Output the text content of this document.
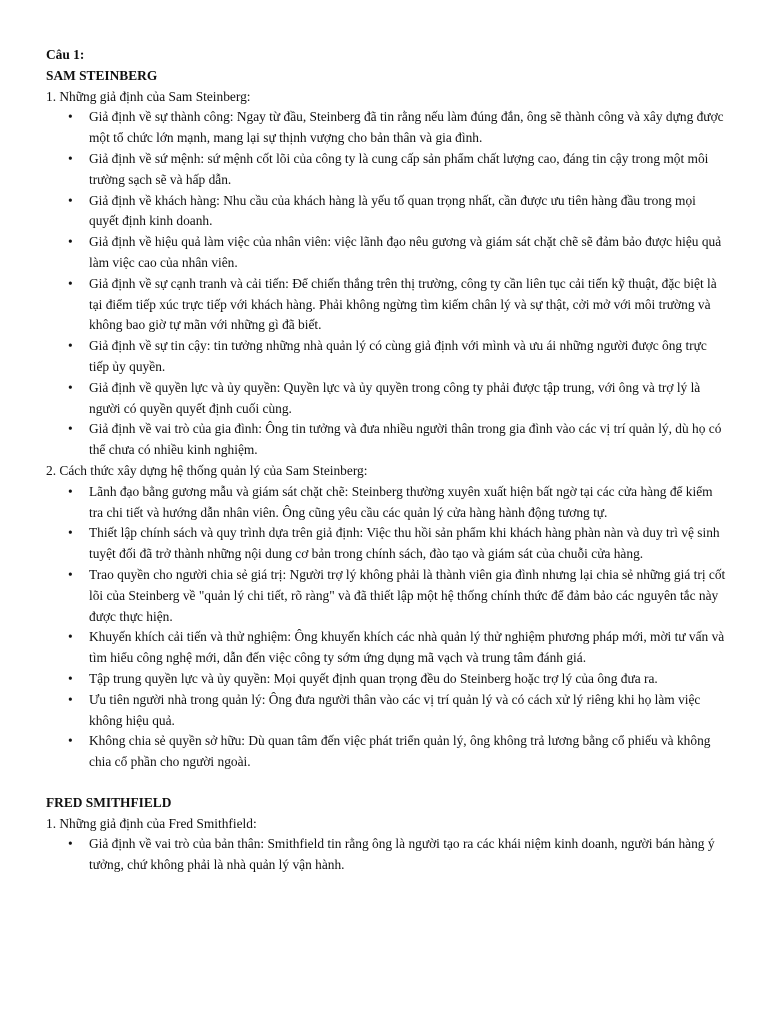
Câu 1:

SAM STEINBERG

1. Những giả định của Sam Steinberg:

• Giả định về sự thành công: Ngay từ đầu, Steinberg đã tin rằng nếu làm đúng đắn, ông sẽ thành công và xây dựng được một tổ chức lớn mạnh, mang lại sự thịnh vượng cho bản thân và gia đình.
• Giả định về sứ mệnh: sứ mệnh cốt lõi của công ty là cung cấp sản phẩm chất lượng cao, đáng tin cậy trong một môi trường sạch sẽ và hấp dẫn.
• Giả định về khách hàng: Nhu cầu của khách hàng là yếu tố quan trọng nhất, cần được ưu tiên hàng đầu trong mọi quyết định kinh doanh.
• Giả định về hiệu quả làm việc của nhân viên: việc lãnh đạo nêu gương và giám sát chặt chẽ sẽ đảm bảo được hiệu quả làm việc cao của nhân viên.
• Giả định về sự cạnh tranh và cải tiến: Để chiến thắng trên thị trường, công ty cần liên tục cải tiến kỹ thuật, đặc biệt là tại điểm tiếp xúc trực tiếp với khách hàng. Phải không ngừng tìm kiếm chân lý và sự thật, cởi mở với môi trường và không bao giờ tự mãn với những gì đã biết.
• Giả định về sự tin cậy: tin tưởng những nhà quản lý có cùng giả định với mình và ưu ái những người được ông trực tiếp ủy quyền.
• Giả định về quyền lực và ủy quyền: Quyền lực và ủy quyền trong công ty phải được tập trung, với ông và trợ lý là người có quyền quyết định cuối cùng.
• Giả định về vai trò của gia đình: Ông tin tưởng và đưa nhiều người thân trong gia đình vào các vị trí quản lý, dù họ có thể chưa có nhiều kinh nghiệm.

2. Cách thức xây dựng hệ thống quản lý của Sam Steinberg:

• Lãnh đạo bằng gương mẫu và giám sát chặt chẽ: Steinberg thường xuyên xuất hiện bất ngờ tại các cửa hàng để kiểm tra chi tiết và hướng dẫn nhân viên. Ông cũng yêu cầu các quản lý cửa hàng hành động tương tự.
• Thiết lập chính sách và quy trình dựa trên giả định: Việc thu hồi sản phẩm khi khách hàng phàn nàn và duy trì vệ sinh tuyệt đối đã trở thành những nội dung cơ bản trong chính sách, đào tạo và giám sát của chuỗi cửa hàng.
• Trao quyền cho người chia sẻ giá trị: Người trợ lý không phải là thành viên gia đình nhưng lại chia sẻ những giá trị cốt lõi của Steinberg về "quản lý chi tiết, rõ ràng" và đã thiết lập một hệ thống chính thức để đảm bảo các nguyên tắc này được thực hiện.
• Khuyến khích cải tiến và thử nghiệm: Ông khuyến khích các nhà quản lý thử nghiệm phương pháp mới, mời tư vấn và tìm hiểu công nghệ mới, dẫn đến việc công ty sớm ứng dụng mã vạch và trung tâm đánh giá.
• Tập trung quyền lực và ủy quyền: Mọi quyết định quan trọng đều do Steinberg hoặc trợ lý của ông đưa ra.
• Ưu tiên người nhà trong quản lý: Ông đưa người thân vào các vị trí quản lý và có cách xử lý riêng khi họ làm việc không hiệu quả.
• Không chia sẻ quyền sở hữu: Dù quan tâm đến việc phát triển quản lý, ông không trả lương bằng cổ phiếu và không chia cổ phần cho người ngoài.

FRED SMITHFIELD

1. Những giả định của Fred Smithfield:

• Giả định về vai trò của bản thân: Smithfield tin rằng ông là người tạo ra các khái niệm kinh doanh, người bán hàng ý tưởng, chứ không phải là nhà quản lý vận hành.
